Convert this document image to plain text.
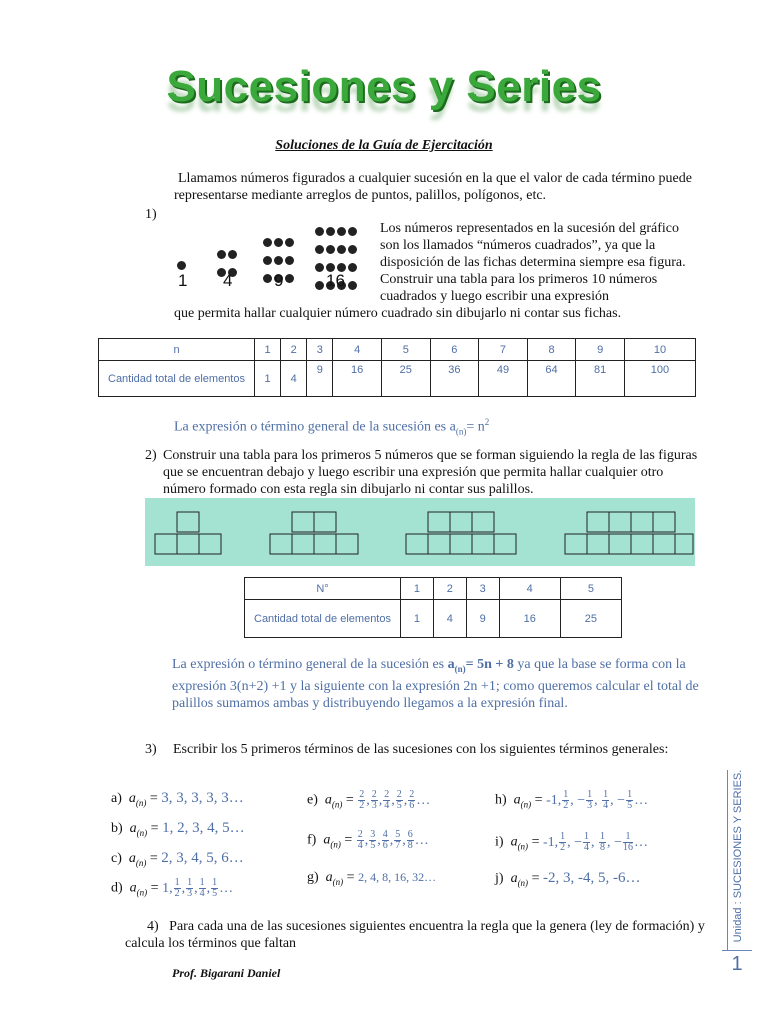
Sucesiones y Series
Soluciones de la Guía de Ejercitación
Llamamos números figurados a cualquier sucesión en la que el valor de cada término puede representarse mediante arreglos de puntos, palillos, polígonos, etc.
1)
1 4 9	16
Los números representados en la sucesión del gráfico son los llamados “números cuadrados”, ya que la disposición de las fichas determina siempre esa figura. Construir una tabla para los primeros 10 números cuadrados y luego escribir una expresión
que permita hallar cualquier número cuadrado sin dibujarlo ni contar sus fichas.
n	1	2	3	4	5	6	7	8	9	10
Cantidad total de elementos	1	4	9	16	25	36	49	64	81	100
La expresión o término general de la sucesión es $a_{(n)}= n^2$
2) Construir una tabla para los primeros 5 números que se forman siguiendo la regla de las figuras que se encuentran debajo y luego escribir una expresión que permita hallar cualquier otro número formado con esta regla sin dibujarlo ni contar sus palillos.
N°	1	2	3	4	5
Cantidad total de elementos	1	4	9	16	25
La expresión o término general de la sucesión es $a_{(n)}= 5n + 8$ ya que la base se forma con la expresión 3(n+2) +1 y la siguiente con la expresión 2n +1; como queremos calcular el total de palillos sumamos ambas y distribuyendo llegamos a la expresión final.
3)	Escribir los 5 primeros términos de las sucesiones con los siguientes términos generales:
a) $a_{(n)} = 3$, 3, 3, 3, 3…
b) $a_{(n)} = 1$, 2, 3, 4, 5…
c) $a_{(n)} = 2$, 3, 4, 5, 6…
d) $a_{(n)} = 1$, $\frac{1}{2}$ , $\frac{1}{3}$ , $\frac{1}{4}$ , $\frac{1}{5}$ …
e) $a_{(n)} = \frac{2}{2}$ , $\frac{2}{3}$ , $\frac{2}{4}$ , $\frac{2}{5}$ , $\frac{2}{6}$ …
f) $a_{(n)} = \frac{2}{4}$ , $\frac{3}{5}$ , $\frac{4}{6}$ , $\frac{5}{7}$ , $\frac{6}{8}$ …
g) $a_{(n)} = 2$, 4, 8, 16, 32…
h) $a_{(n)} = -1$, $\frac{1}{2}$ , − $\frac{1}{3}$ , $\frac{1}{4}$ , − $\frac{1}{5}$ …
i) $a_{(n)} = -1$, $\frac{1}{2}$ , − $\frac{1}{4}$ , $\frac{1}{8}$ , − $\frac{1}{16}$ …
j) $a_{(n)} = -2$, 3, -4, 5, -6…
4) Para cada una de las sucesiones siguientes encuentra la regla que la genera (ley de formación) y calcula los términos que faltan
Prof. Bigarani Daniel
Unidad : SUCESIONES Y SERIES.
1
